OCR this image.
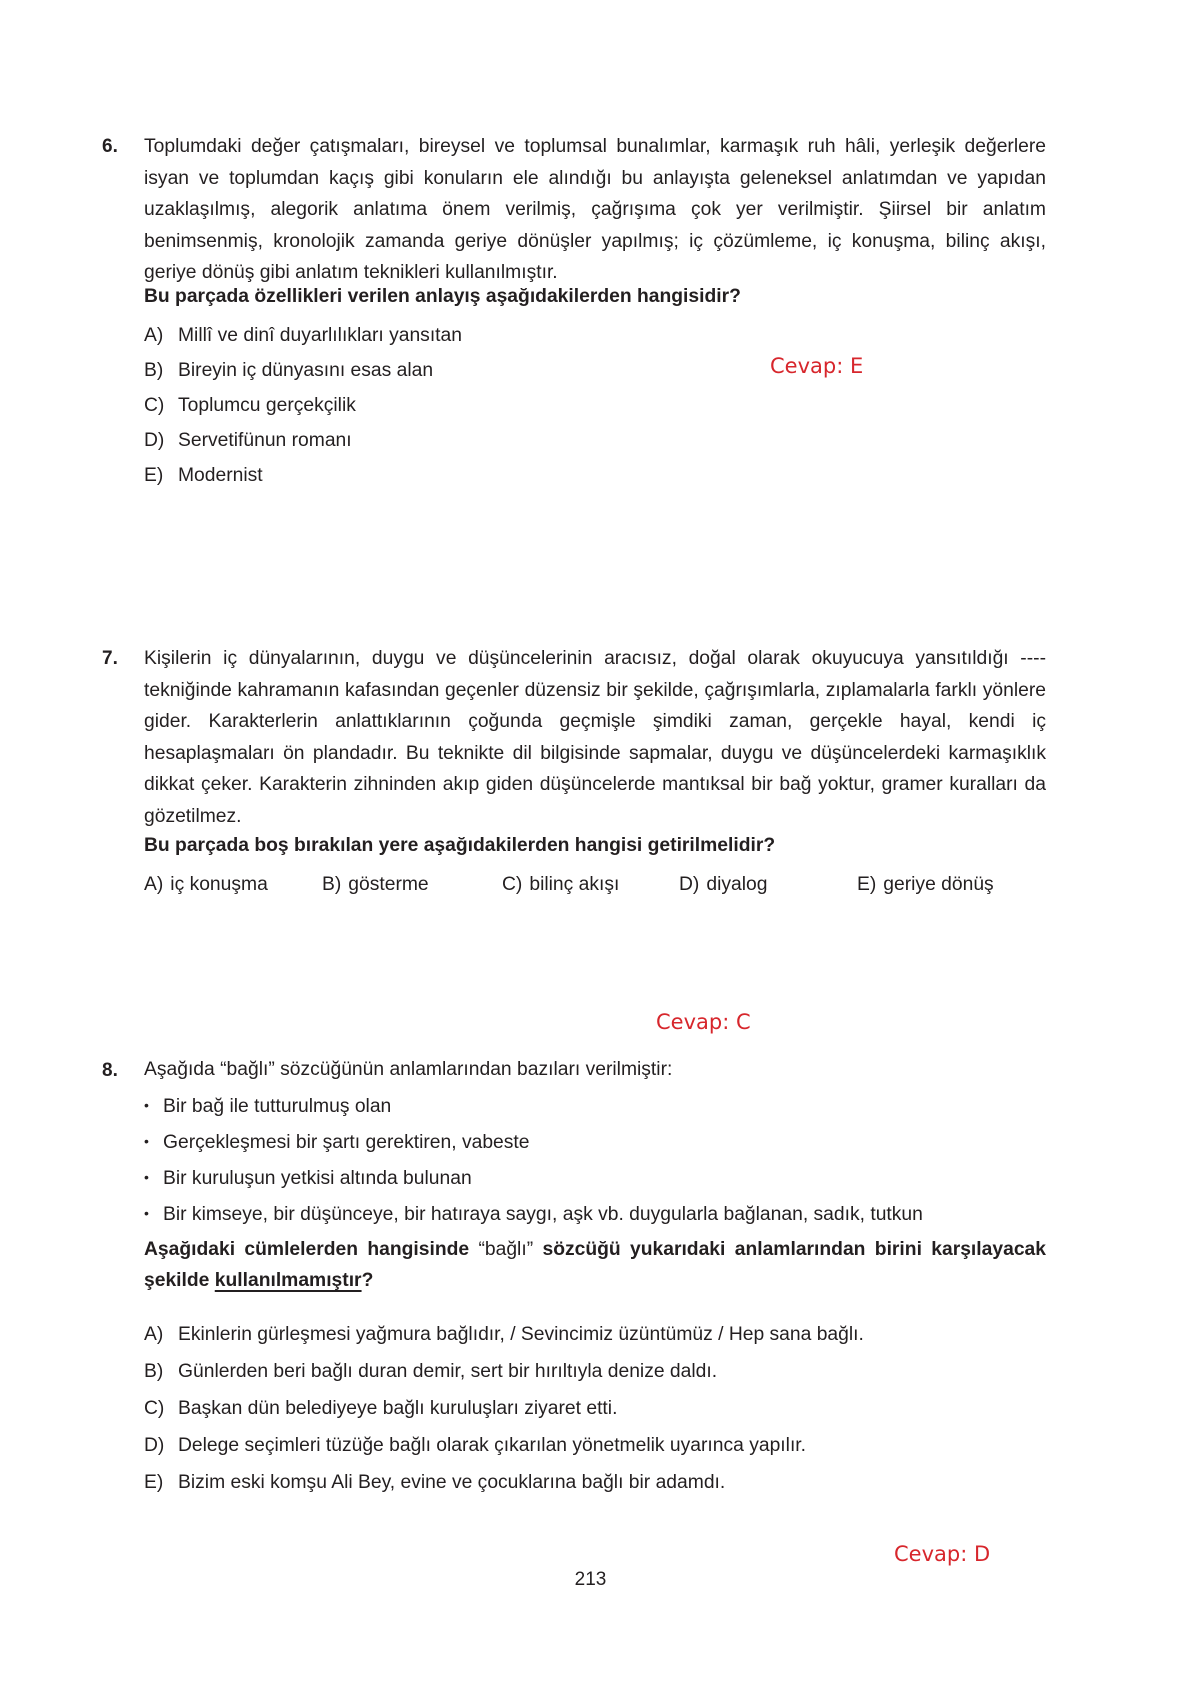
6. Toplumdaki değer çatışmaları, bireysel ve toplumsal bunalımlar, karmaşık ruh hâli, yerleşik değerlere isyan ve toplumdan kaçış gibi konuların ele alındığı bu anlayışta geleneksel anlatımdan ve yapıdan uzaklaşılmış, alegorik anlatıma önem verilmiş, çağrışıma çok yer verilmiştir. Şiirsel bir anlatım benimsenmiş, kronolojik zamanda geriye dönüşler yapılmış; iç çözümleme, iç konuşma, bilinç akışı, geriye dönüş gibi anlatım teknikleri kullanılmıştır.

Bu parçada özellikleri verilen anlayış aşağıdakilerden hangisidir?

A) Millî ve dinî duyarlılıkları yansıtan
B) Bireyin iç dünyasını esas alan
C) Toplumcu gerçekçilik
D) Servetifünun romanı
E) Modernist
Cevap: E
7. Kişilerin iç dünyalarının, duygu ve düşüncelerinin aracısız, doğal olarak okuyucuya yansıtıldığı ---- tekniğinde kahramanın kafasından geçenler düzensiz bir şekilde, çağrışımlarla, zıplamalarla farklı yönlere gider. Karakterlerin anlattıklarının çoğunda geçmişle şimdiki zaman, gerçekle hayal, kendi iç hesaplaşmaları ön plandadır. Bu teknikte dil bilgisinde sapmalar, duygu ve düşüncelerdeki karmaşıklık dikkat çeker. Karakterin zihninden akıp giden düşüncelerde mantıksal bir bağ yoktur, gramer kuralları da gözetilmez.

Bu parçada boş bırakılan yere aşağıdakilerden hangisi getirilmelidir?

A) iç konuşma	B) gösterme	C) bilinç akışı	D) diyalog	E) geriye dönüş
Cevap: C
8. Aşağıda “bağlı” sözcüğünün anlamlarından bazıları verilmiştir:
• Bir bağ ile tutturulmuş olan
• Gerçekleşmesi bir şartı gerektiren, vabeste
• Bir kuruluşun yetkisi altında bulunan
• Bir kimseye, bir düşünceye, bir hatıraya saygı, aşk vb. duygularla bağlanan, sadık, tutkun

Aşağıdaki cümlelerden hangisinde “bağlı” sözcüğü yukarıdaki anlamlarından birini karşılayacak şekilde kullanılmamıştır?

A) Ekinlerin gürleşmesi yağmura bağlıdır, / Sevincimiz üzüntümüz / Hep sana bağlı.
B) Günlerden beri bağlı duran demir, sert bir hırıltıyla denize daldı.
C) Başkan dün belediyeye bağlı kuruluşları ziyaret etti.
D) Delege seçimleri tüzüğe bağlı olarak çıkarılan yönetmelik uyarınca yapılır.
E) Bizim eski komşu Ali Bey, evine ve çocuklarına bağlı bir adamdı.
Cevap: D
213
